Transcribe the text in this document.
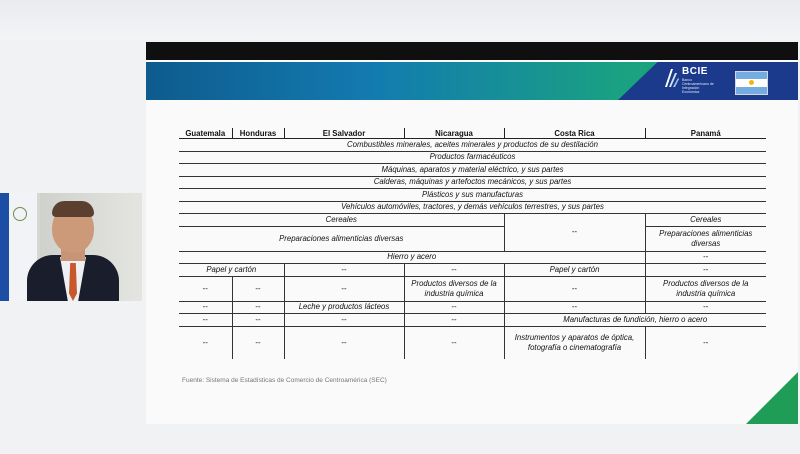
BCIE
Banco Centroamericano de Integración Económica
Guatemala	Honduras	El Salvador	Nicaragua	Costa Rica	Panamá
Combustibles minerales, aceites minerales y productos de su destilación					
Productos farmacéuticos					
Máquinas, aparatos y material eléctrico, y sus partes					
Calderas, máquinas y artefoctos mecánicos, y sus partes					
Plásticos y sus manufacturas					
Vehículos automóviles, tractores, y demás vehículos terrestres, y sus partes					
Cereales				--	Cereales
Preparaciones alimenticias diversas					Preparaciones alimenticias diversas
Hierro y acero					--
Papel y cartón		--	--	Papel y cartón	--
--	--	--	Productos diversos de la industria química	--	Productos diversos de la industria química
--	--	Leche y productos lácteos	--	--	--
--	--	--	--	Manufacturas de fundición, hierro o acero	
--	--	--	--	Instrumentos y aparatos de óptica, fotografía o cinematografía	--
Fuente: Sistema de Estadísticas de Comercio de Centroamérica (SEC)
